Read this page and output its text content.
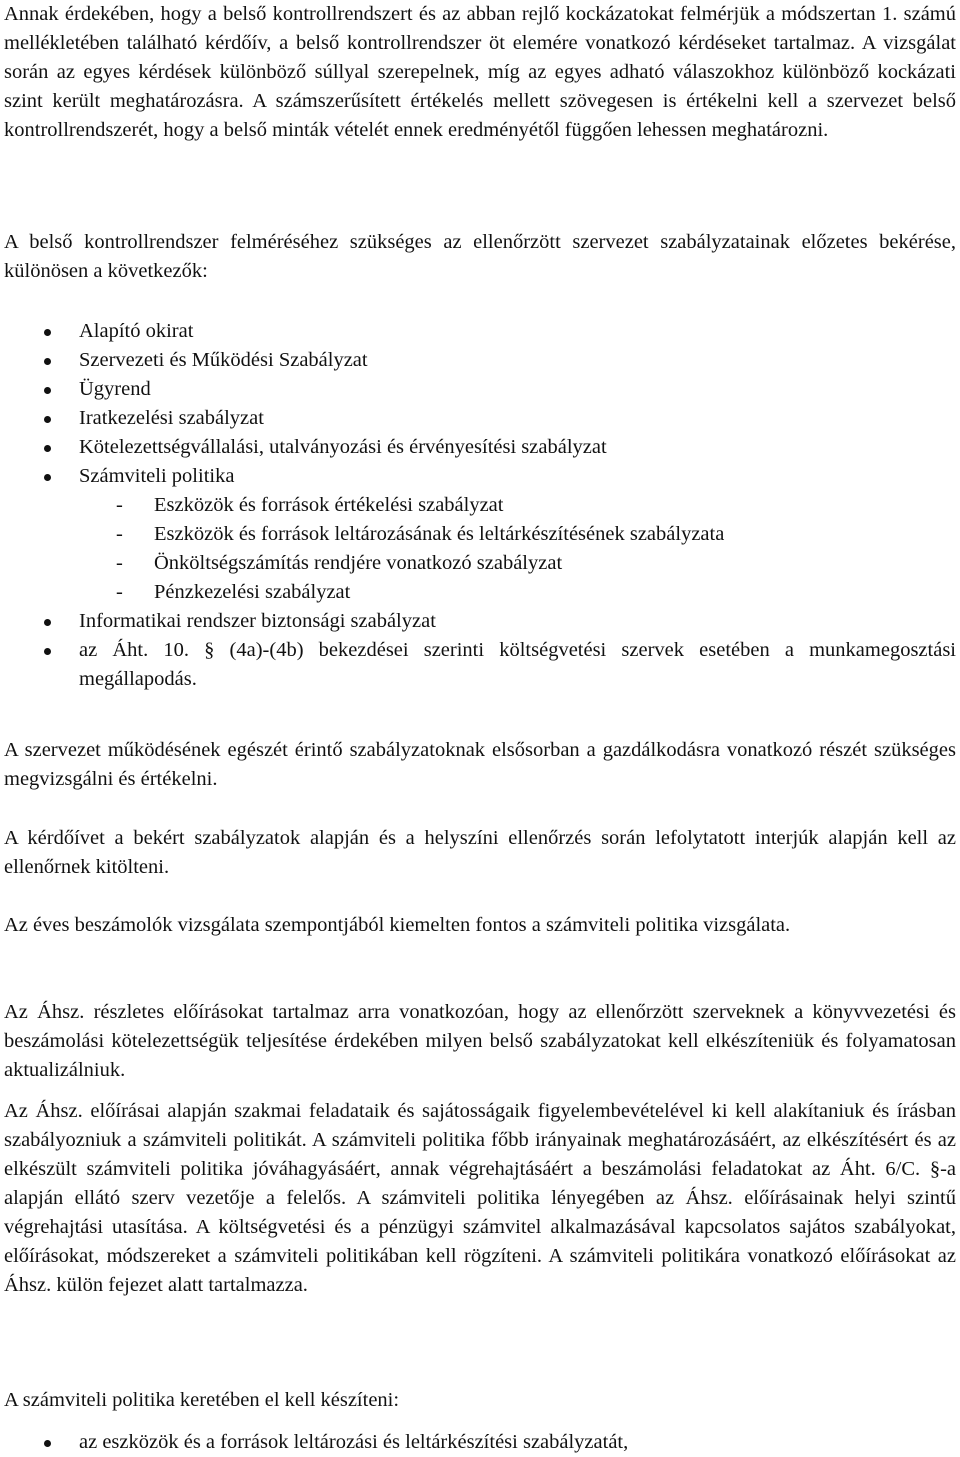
Annak érdekében, hogy a belső kontrollrendszert és az abban rejlő kockázatokat felmérjük a módszertan 1. számú mellékletében található kérdőív, a belső kontrollrendszer öt elemére vonatkozó kérdéseket tartalmaz. A vizsgálat során az egyes kérdések különböző súllyal szerepelnek, míg az egyes adható válaszokhoz különböző kockázati szint került meghatározásra. A számszerűsített értékelés mellett szövegesen is értékelni kell a szervezet belső kontrollrendszerét, hogy a belső minták vételét ennek eredményétől függően lehessen meghatározni.

A belső kontrollrendszer felméréséhez szükséges az ellenőrzött szervezet szabályzatainak előzetes bekérése, különösen a következők:

Alapító okirat
Szervezeti és Működési Szabályzat
Ügyrend
Iratkezelési szabályzat
Kötelezettségvállalási, utalványozási és érvényesítési szabályzat
Számviteli politika
- Eszközök és források értékelési szabályzat
- Eszközök és források leltározásának és leltárkészítésének szabályzata
- Önköltségszámítás rendjére vonatkozó szabályzat
- Pénzkezelési szabályzat
Informatikai rendszer biztonsági szabályzat
az Áht. 10. § (4a)-(4b) bekezdései szerinti költségvetési szervek esetében a munkamegosztási megállapodás.

A szervezet működésének egészét érintő szabályzatoknak elsősorban a gazdálkodásra vonatkozó részét szükséges megvizsgálni és értékelni.

A kérdőívet a bekért szabályzatok alapján és a helyszíni ellenőrzés során lefolytatott interjúk alapján kell az ellenőrnek kitölteni.

Az éves beszámolók vizsgálata szempontjából kiemelten fontos a számviteli politika vizsgálata.

Az Áhsz. részletes előírásokat tartalmaz arra vonatkozóan, hogy az ellenőrzött szerveknek a könyvvezetési és beszámolási kötelezettségük teljesítése érdekében milyen belső szabályzatokat kell elkészíteniük és folyamatosan aktualizálniuk.

Az Áhsz. előírásai alapján szakmai feladataik és sajátosságaik figyelembevételével ki kell alakítaniuk és írásban szabályozniuk a számviteli politikát. A számviteli politika főbb irányainak meghatározásáért, az elkészítésért és az elkészült számviteli politika jóváhagyásáért, annak végrehajtásáért a beszámolási feladatokat az Áht. 6/C. §-a alapján ellátó szerv vezetője a felelős. A számviteli politika lényegében az Áhsz. előírásainak helyi szintű végrehajtási utasítása. A költségvetési és a pénzügyi számvitel alkalmazásával kapcsolatos sajátos szabályokat, előírásokat, módszereket a számviteli politikában kell rögzíteni. A számviteli politikára vonatkozó előírásokat az Áhsz. külön fejezet alatt tartalmazza.

A számviteli politika keretében el kell készíteni:

az eszközök és a források leltározási és leltárkészítési szabályzatát,
